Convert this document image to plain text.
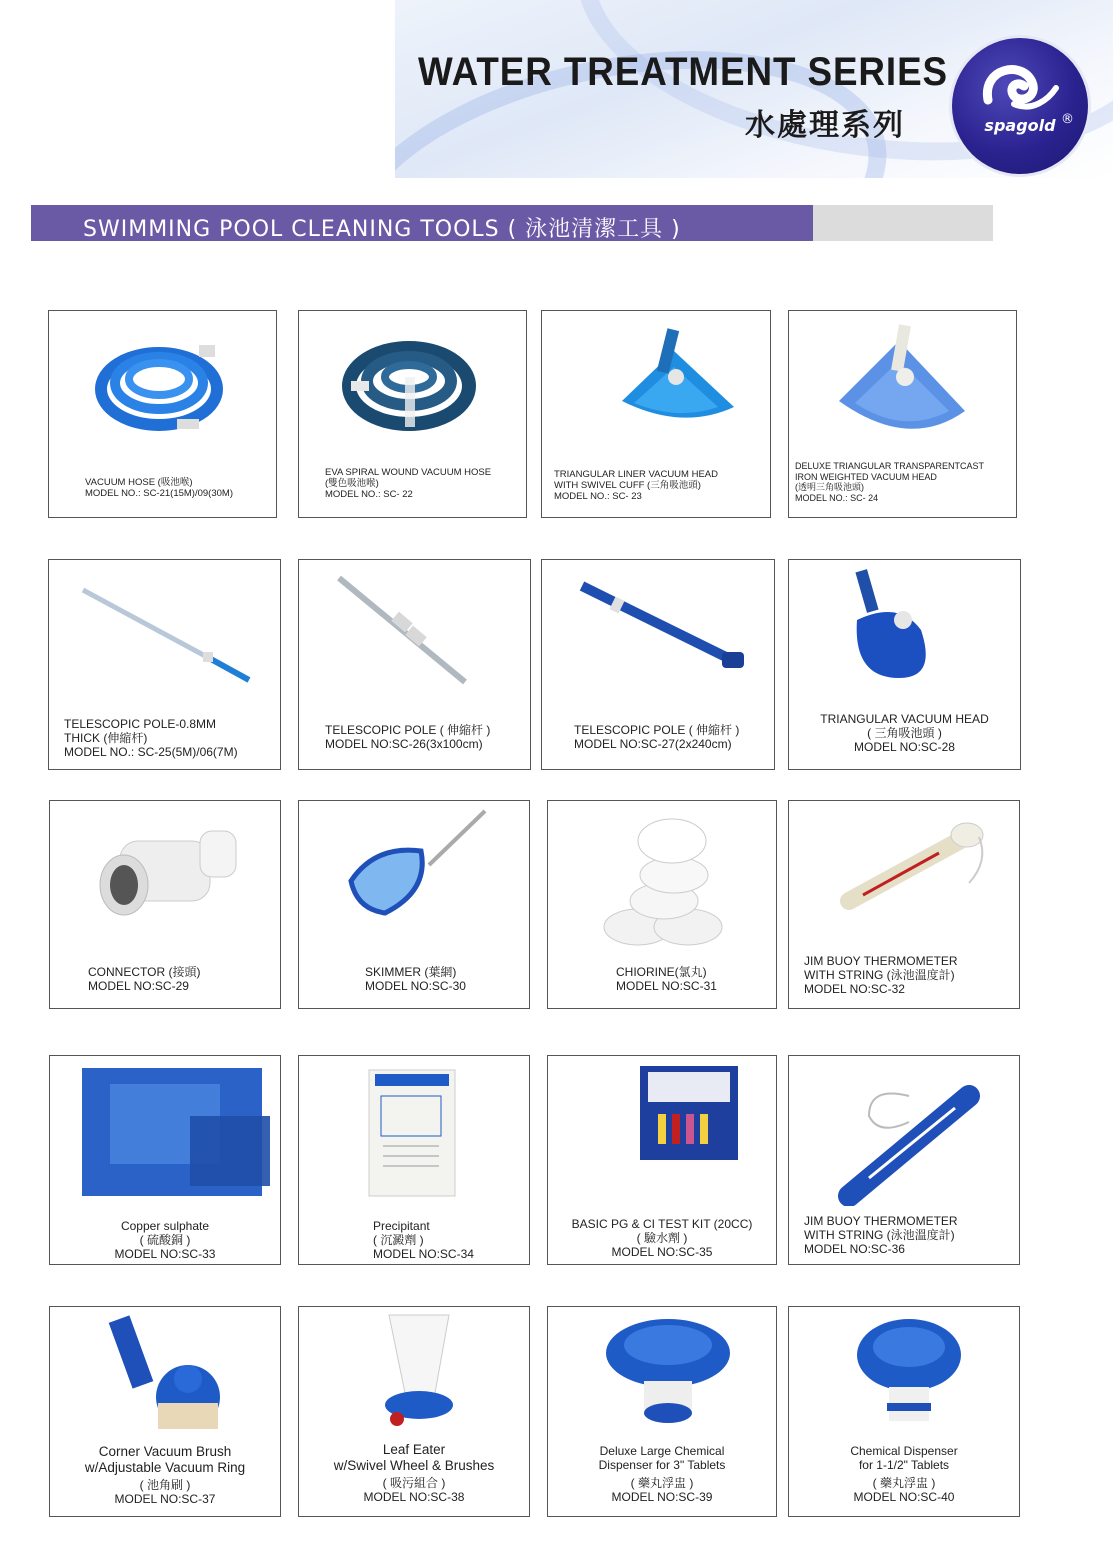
WATER TREATMENT SERIES
水處理系列	spagold ®
SWIMMING POOL CLEANING TOOLS ( 泳池清潔工具 )
VACUUM HOSE (吸池喉)
MODEL NO.: SC-21(15M)/09(30M)
EVA SPIRAL WOUND VACUUM HOSE
(雙色吸池喉)
MODEL NO.: SC- 22
TRIANGULAR LINER VACUUM HEAD
WITH SWIVEL CUFF (三角吸池頭)
MODEL NO.: SC- 23
DELUXE TRIANGULAR TRANSPARENTCAST
IRON WEIGHTED VACUUM HEAD
(透明三角吸池頭)
MODEL NO.: SC- 24
TELESCOPIC POLE-0.8MM
THICK (伸縮杆)
MODEL NO.: SC-25(5M)/06(7M)
TELESCOPIC POLE ( 伸縮杆 )
MODEL NO:SC-26(3x100cm)
TELESCOPIC POLE ( 伸縮杆 )
MODEL NO:SC-27(2x240cm)
TRIANGULAR VACUUM HEAD
( 三角吸池頭 )
MODEL NO:SC-28
CONNECTOR (接頭)
MODEL NO:SC-29
SKIMMER (葉網)
MODEL NO:SC-30
CHIORINE(氯丸)
MODEL NO:SC-31
JIM BUOY THERMOMETER
WITH STRING (泳池溫度計)
MODEL NO:SC-32
Copper sulphate
( 硫酸銅 )
MODEL NO:SC-33
Precipitant
( 沉澱劑 )
MODEL NO:SC-34
BASIC PG & CI TEST KIT (20CC)
( 驗水劑 )
MODEL NO:SC-35
JIM BUOY THERMOMETER
WITH STRING (泳池溫度計)
MODEL NO:SC-36
Corner Vacuum Brush
w/Adjustable Vacuum Ring
( 池角刷 )
MODEL NO:SC-37
Leaf Eater
w/Swivel Wheel & Brushes
( 吸污組合 )
MODEL NO:SC-38
Deluxe Large Chemical
Dispenser for 3" Tablets
( 藥丸浮盅 )
MODEL NO:SC-39
Chemical Dispenser
for 1-1/2" Tablets
( 藥丸浮盅 )
MODEL NO:SC-40
